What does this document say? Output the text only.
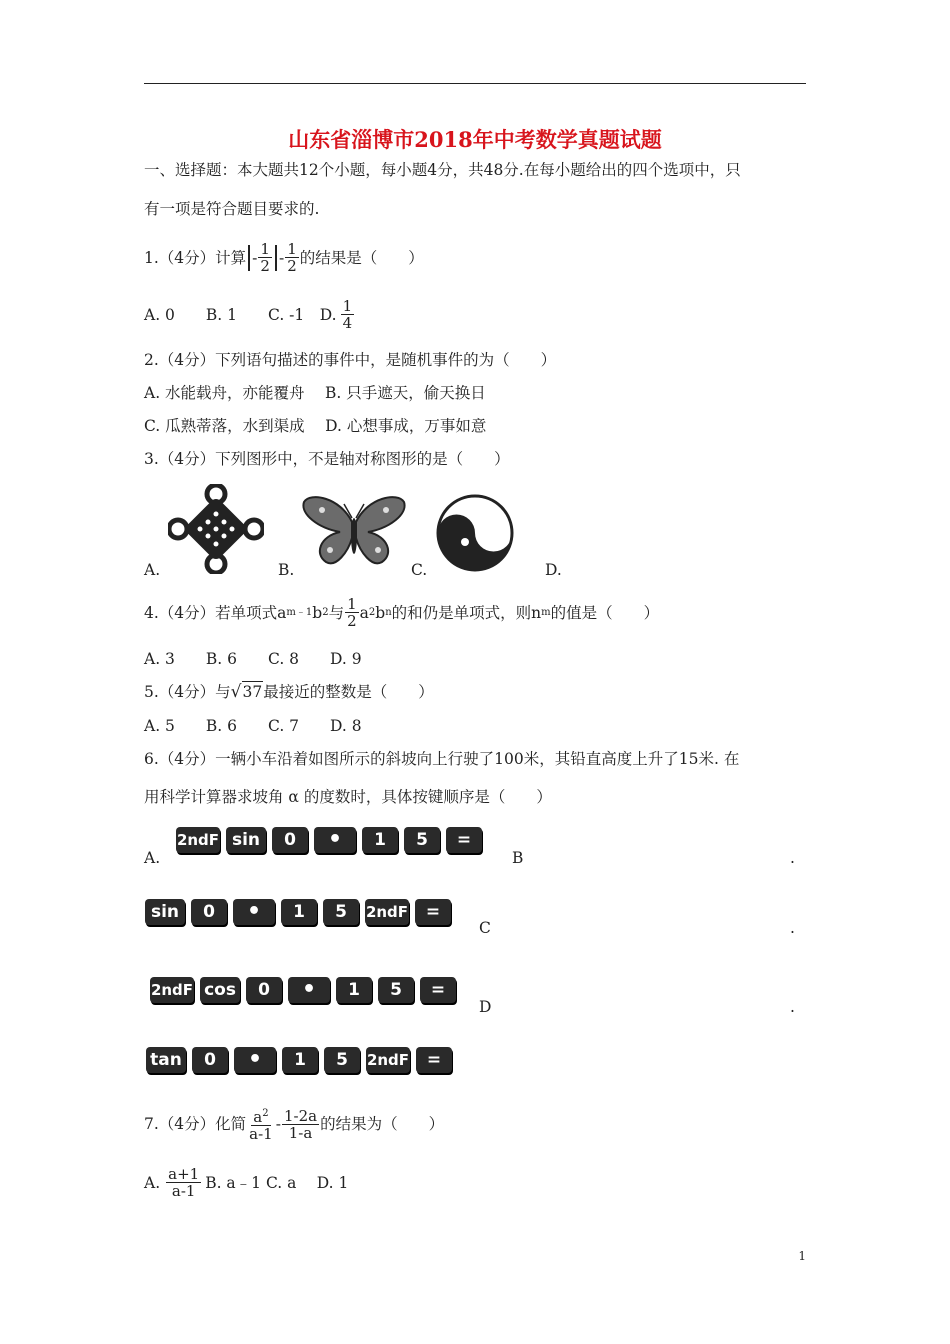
山东省淄博市2018年中考数学真题试题
一、选择题：本大题共12个小题，每小题4分，共48分.在每小题给出的四个选项中，只
有一项是符合题目要求的.
1.（4分）计算 - $\frac{1}{2} - \frac{1}{2}$ 的结果是（　　）
A. 0　　B. 1　　C. -1　D. $\frac{1}{4}$
2.（4分）下列语句描述的事件中，是随机事件的为（　　）
A. 水能载舟，亦能覆舟　 B. 只手遮天，偷天换日
C. 瓜熟蒂落，水到渠成　 D. 心想事成，万事如意
3.（4分）下列图形中，不是轴对称图形的是（　　）
A.	B.	C.	D.
4.（4分）若单项式a m﹣1 b 2 与 $\frac{1}{2}$ a 2 b n 的和仍是单项式，则n m 的值是（　　）
A. 3　　B. 6　　C. 8　　D. 9
5.（4分）与 √ 37 最接近的整数是（　　）
A. 5　　B. 6　　C. 7　　D. 8
6.（4分）一辆小车沿着如图所示的斜坡向上行驶了100米，其铅直高度上升了15米. 在
用科学计算器求坡角 α 的度数时，具体按键顺序是（　　）
A.
2ndF sin	0	•	1	5	=
B	.
sin	0	•	1	5	2ndF	=
C	.
2ndF cos	0	•	1	5	=
D	.
tan	0	•	1	5	2ndF	=
7.（4分）化简 $\frac{a^2}{a-1} - \frac{1-2a}{1-a}$ 的结果为（　　）
A. $\frac{a+1}{a-1} B$. a﹣1 C. a　 D. 1
1
